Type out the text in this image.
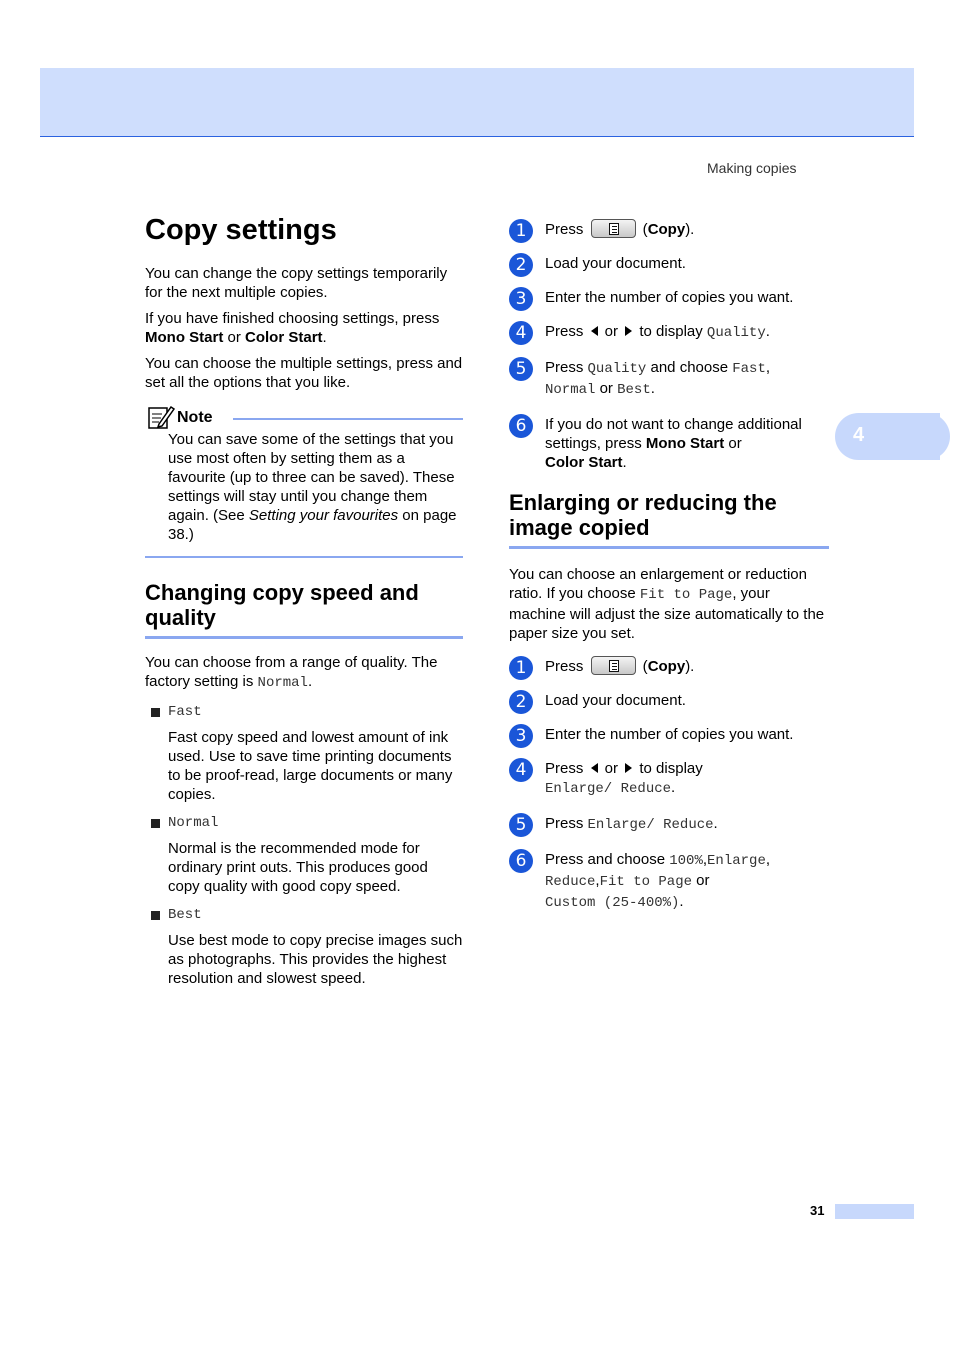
Making copies
4
Copy settings

You can change the copy settings temporarily for the next multiple copies.

If you have finished choosing settings, press Mono Start or Color Start.

You can choose the multiple settings, press and set all the options that you like.

Note

You can save some of the settings that you use most often by setting them as a favourite (up to three can be saved). These settings will stay until you change them again. (See Setting your favourites on page 38.)

Changing copy speed and quality

You can choose from a range of quality. The factory setting is Normal.

Fast

Fast copy speed and lowest amount of ink used. Use to save time printing documents to be proof-read, large documents or many copies.

Normal

Normal is the recommended mode for ordinary print outs. This produces good copy quality with good copy speed.

Best

Use best mode to copy precise images such as photographs. This provides the highest resolution and slowest speed.

1	Press	(Copy).
2	Load your document.
3	Enter the number of copies you want.
4	Press  or  to display Quality.
5	Press Quality and choose Fast,
Normal or Best.
6	If you do not want to change additional settings, press Mono Start or
Color Start.
Enlarging or reducing the image copied

You can choose an enlargement or reduction ratio. If you choose Fit to Page, your machine will adjust the size automatically to the paper size you set.

1	Press	(Copy).
2	Load your document.
3	Enter the number of copies you want.
4	Press  or  to display
Enlarge/ Reduce.
5	Press Enlarge/ Reduce.
6	Press and choose 100%,Enlarge,
Reduce,Fit to Page or
Custom (25-400%).
31
